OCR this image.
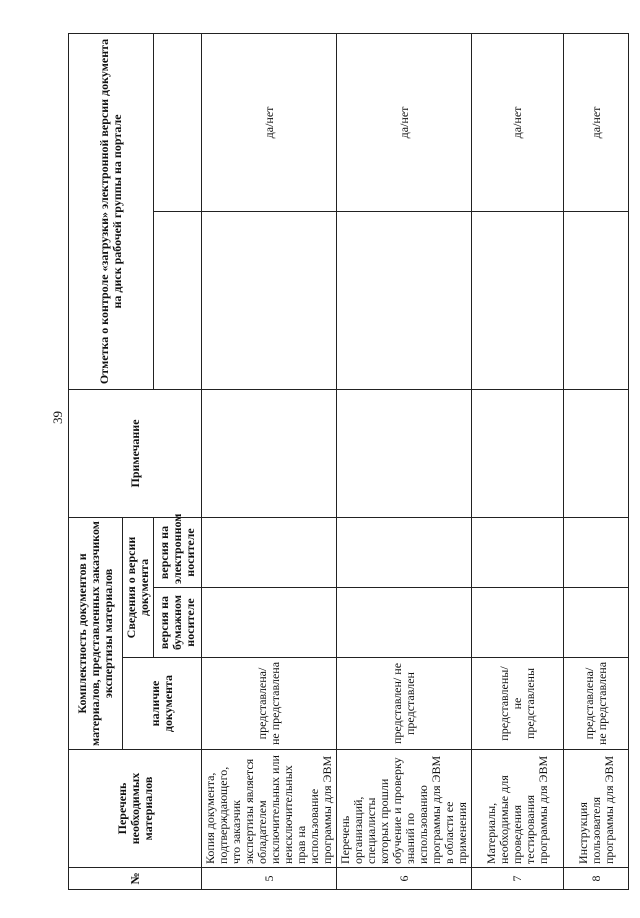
39
№	Перечень необходимых материалов	Комплектность документов и материалов, представленных заказчиком экспертизы материалов			Примечание	Отметка о контроле «загрузки» электронной версии документа на диск рабочей группы на портале	
		наличие документа	Сведения о версии документа				
			версия на бумажном носителе	версия на электронном носителе			
5	Копия документа, подтверждающего, что заказчик экспертизы является обладателем исключительных или неисключительных прав на использование программы для ЭВМ	представлена/ не представлена					да/нет
6	Перечень организаций, специалисты которых прошли обучение и проверку знаний по использованию программы для ЭВМ в области ее применения	представлен/ не представлен					да/нет
7	Материалы, необходимые для проведения тестирования программы для ЭВМ	представлены/ не представлены					да/нет
8	Инструкция пользователя программы для ЭВМ	представлена/ не представлена					да/нет
